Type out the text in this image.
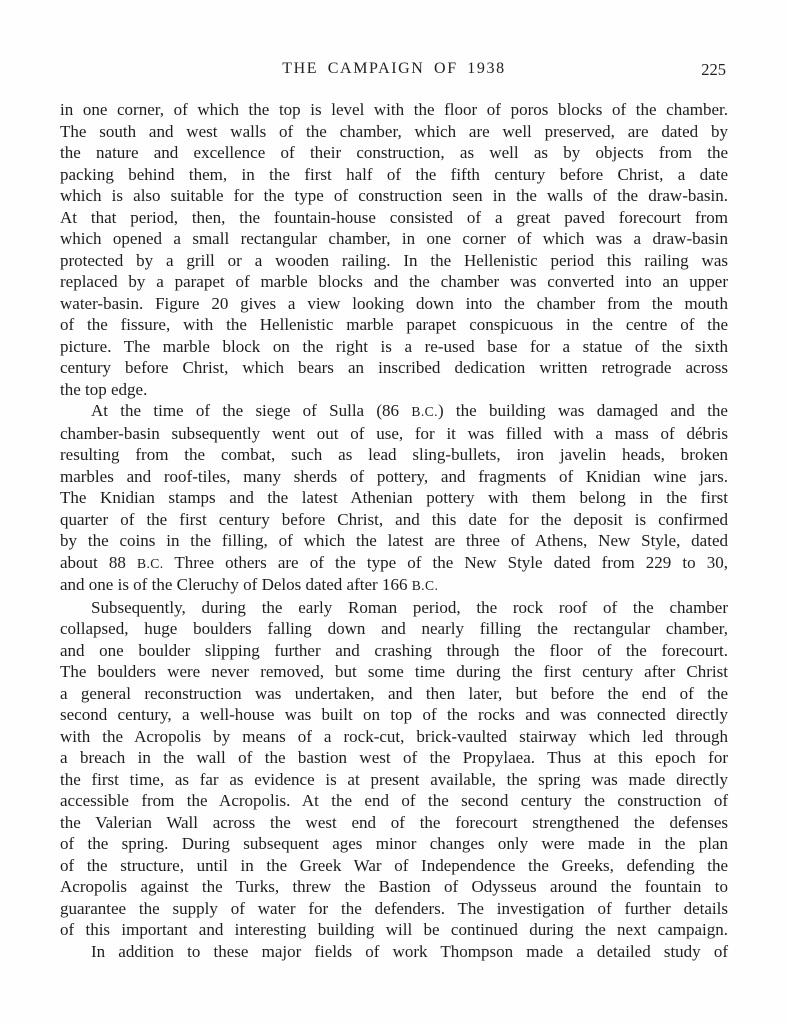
THE CAMPAIGN OF 1938	225
in one corner, of which the top is level with the floor of poros blocks of the chamber.
The south and west walls of the chamber, which are well preserved, are dated by
the nature and excellence of their construction, as well as by objects from the
packing behind them, in the first half of the fifth century before Christ, a date
which is also suitable for the type of construction seen in the walls of the draw-basin.
At that period, then, the fountain-house consisted of a great paved forecourt from
which opened a small rectangular chamber, in one corner of which was a draw-basin
protected by a grill or a wooden railing. In the Hellenistic period this railing was
replaced by a parapet of marble blocks and the chamber was converted into an upper
water-basin. Figure 20 gives a view looking down into the chamber from the mouth
of the fissure, with the Hellenistic marble parapet conspicuous in the centre of the
picture. The marble block on the right is a re-used base for a statue of the sixth
century before Christ, which bears an inscribed dedication written retrograde across
the top edge.
At the time of the siege of Sulla (86 B.C.) the building was damaged and the
chamber-basin subsequently went out of use, for it was filled with a mass of débris
resulting from the combat, such as lead sling-bullets, iron javelin heads, broken
marbles and roof-tiles, many sherds of pottery, and fragments of Knidian wine jars.
The Knidian stamps and the latest Athenian pottery with them belong in the first
quarter of the first century before Christ, and this date for the deposit is confirmed
by the coins in the filling, of which the latest are three of Athens, New Style, dated
about 88 B.C. Three others are of the type of the New Style dated from 229 to 30,
and one is of the Cleruchy of Delos dated after 166 B.C.
Subsequently, during the early Roman period, the rock roof of the chamber
collapsed, huge boulders falling down and nearly filling the rectangular chamber,
and one boulder slipping further and crashing through the floor of the forecourt.
The boulders were never removed, but some time during the first century after Christ
a general reconstruction was undertaken, and then later, but before the end of the
second century, a well-house was built on top of the rocks and was connected directly
with the Acropolis by means of a rock-cut, brick-vaulted stairway which led through
a breach in the wall of the bastion west of the Propylaea. Thus at this epoch for
the first time, as far as evidence is at present available, the spring was made directly
accessible from the Acropolis. At the end of the second century the construction of
the Valerian Wall across the west end of the forecourt strengthened the defenses
of the spring. During subsequent ages minor changes only were made in the plan
of the structure, until in the Greek War of Independence the Greeks, defending the
Acropolis against the Turks, threw the Bastion of Odysseus around the fountain to
guarantee the supply of water for the defenders. The investigation of further details
of this important and interesting building will be continued during the next campaign.
In addition to these major fields of work Thompson made a detailed study of
